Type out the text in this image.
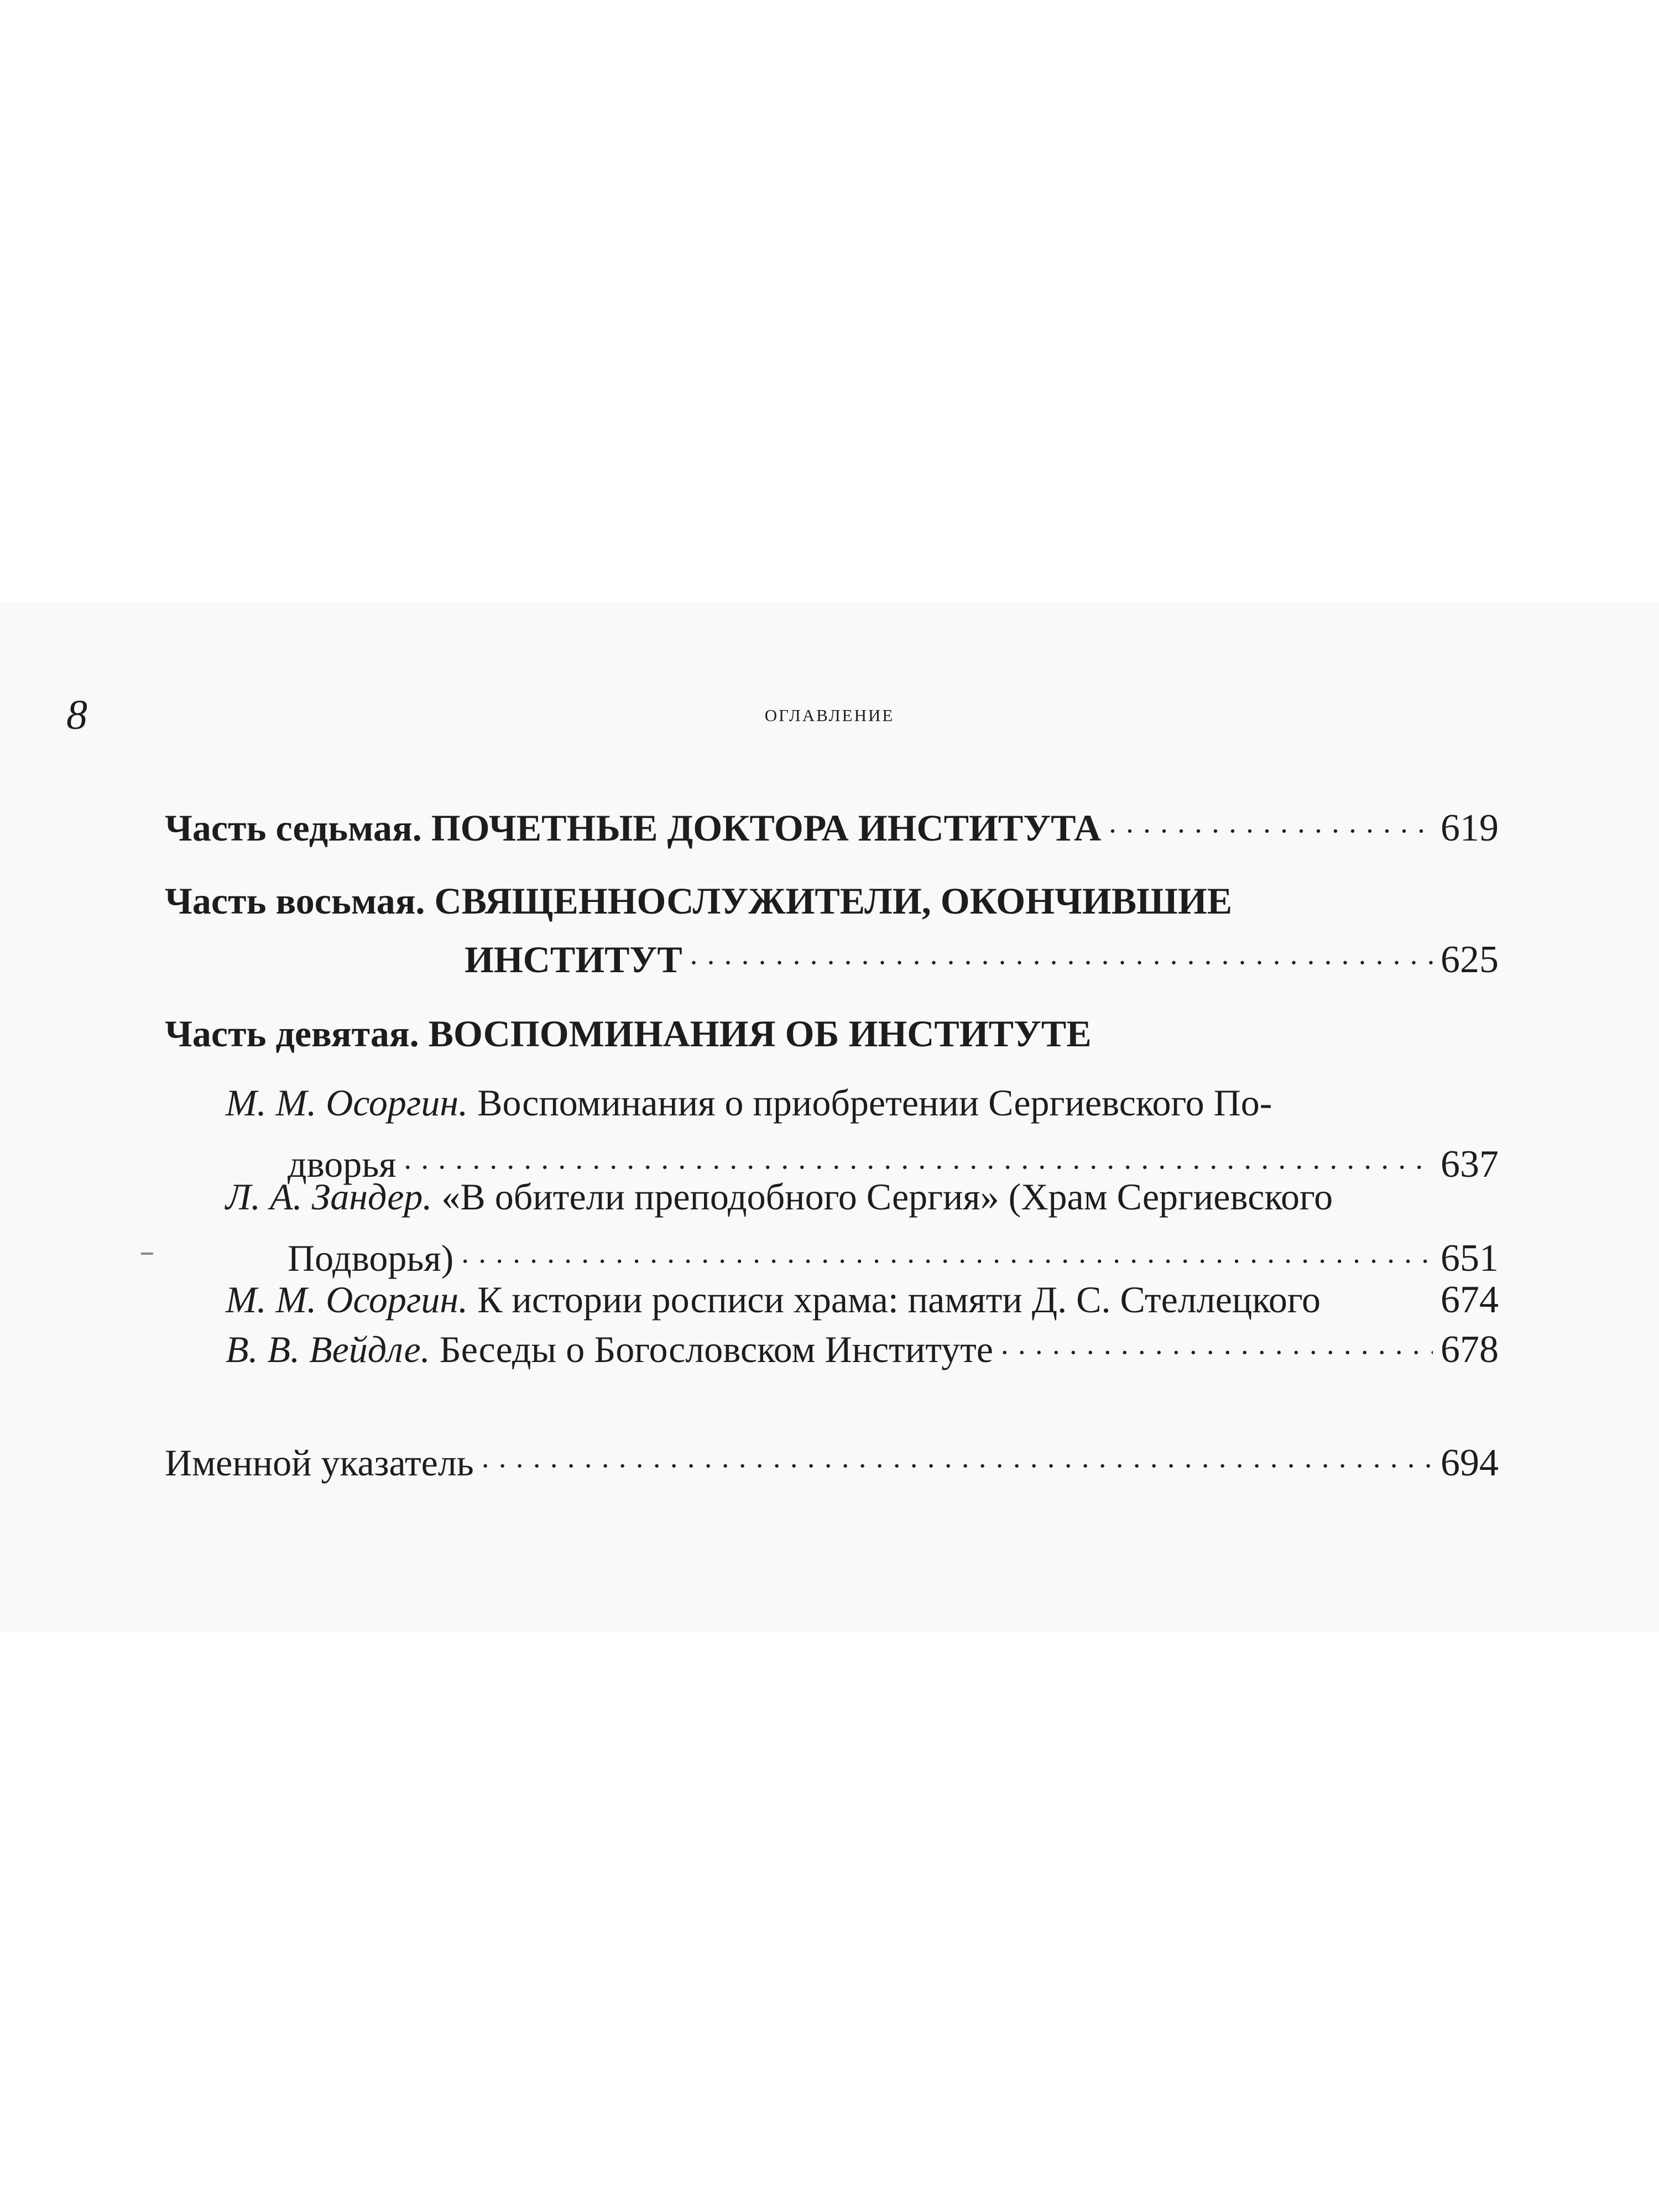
8	оглавление
Часть седьмая.
ПОЧЕТНЫЕ ДОКТОРА ИНСТИТУТА . . .	619
Часть восьмая.
СВЯЩЕННОСЛУЖИТЕЛИ, ОКОНЧИВШИЕ
ИНСТИТУТ . . .	625
Часть девятая.
ВОСПОМИНАНИЯ ОБ ИНСТИТУТЕ
М. М. Осоргин.
Воспоминания о приобретении Сергиевского По-
дворья . . .	637
Л. А. Зандер.
«В обители преподобного Сергия» (Храм Сергиевского
Подворья) . . .	651
М. М. Осоргин.
К истории росписи храма: памяти Д. С. Стеллецкого	674
В. В. Вейдле.
Беседы о Богословском Институте . . .	678
Именной указатель . . .	694
